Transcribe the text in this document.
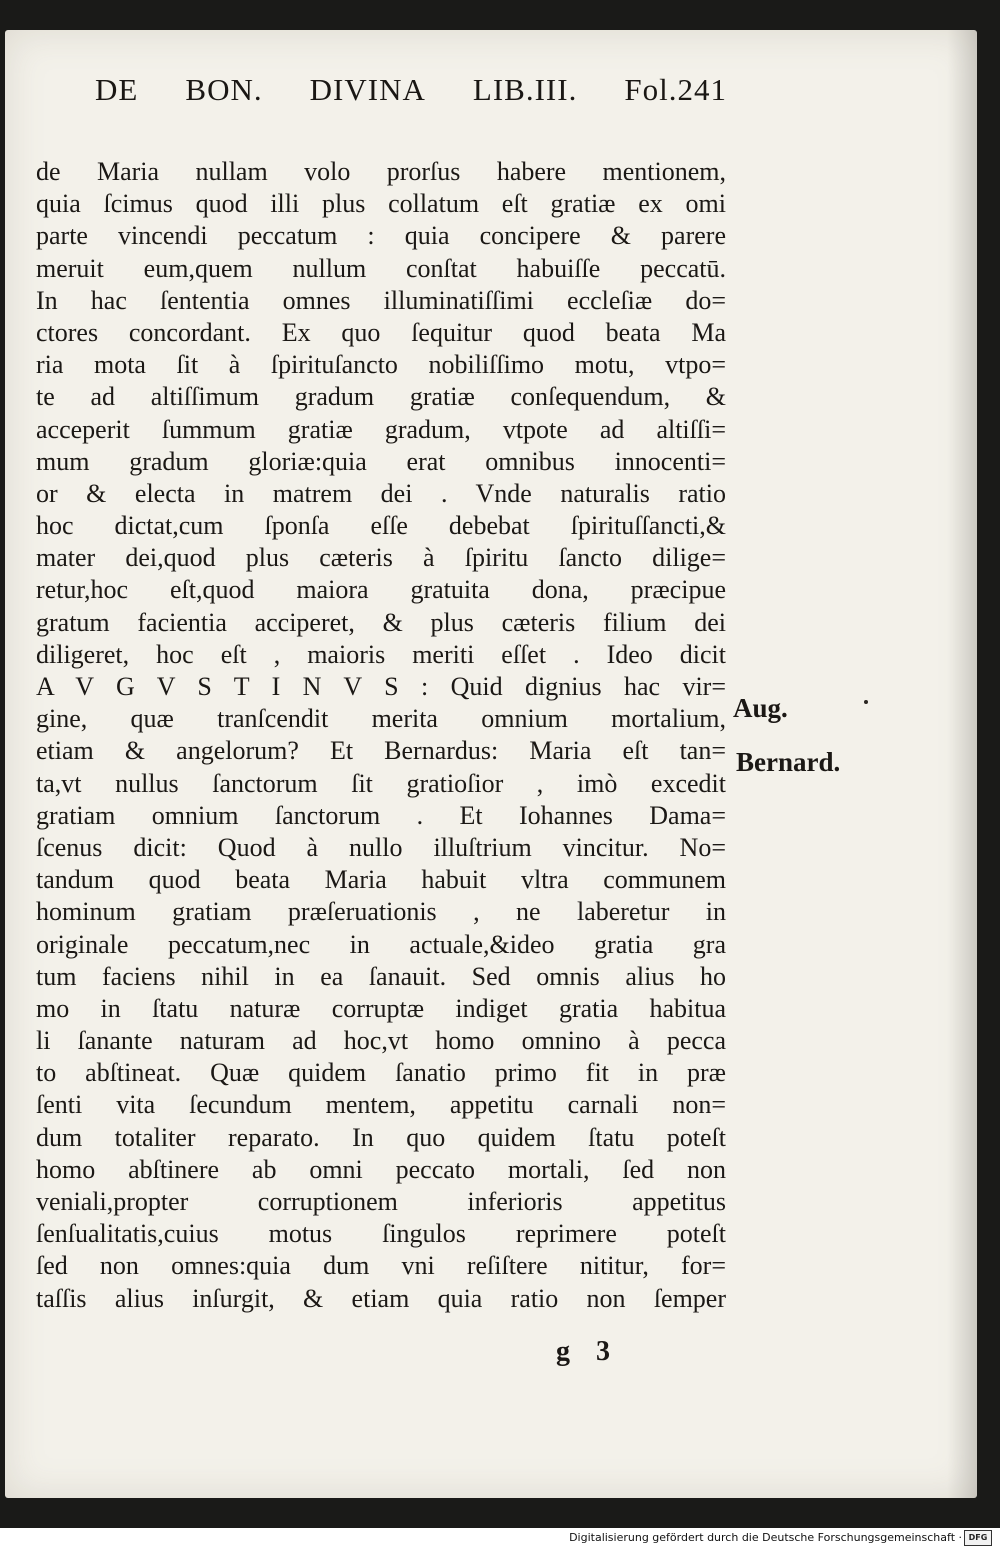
DE BON. DIVINA LIB.III. Fol.241
de Maria nullam volo prorſus habere mentionem,
quia ſcimus quod illi plus collatum eſt gratiæ ex omi
parte vincendi peccatum : quia concipere & parere
meruit eum,quem nullum conſtat habuiſſe peccatū.
In hac ſententia omnes illuminatiſſimi eccleſiæ do=
ctores concordant. Ex quo ſequitur quod beata Ma
ria mota ſit à ſpirituſancto nobiliſſimo motu, vtpo=
te ad altiſſimum gradum gratiæ conſequendum, &
acceperit ſummum gratiæ gradum, vtpote ad altiſſi=
mum gradum gloriæ:quia erat omnibus innocenti=
or & electa in matrem dei . Vnde naturalis ratio
hoc dictat,cum ſponſa eſſe debebat ſpirituſſancti,&
mater dei,quod plus cæteris à ſpiritu ſancto dilige=
retur,hoc eſt,quod maiora gratuita dona, præcipue
gratum facientia acciperet, & plus cæteris filium dei
diligeret, hoc eſt , maioris meriti eſſet . Ideo dicit
A V G V S T I N V S : Quid dignius hac vir=
gine, quæ tranſcendit merita omnium mortalium,
etiam & angelorum? Et Bernardus: Maria eſt tan=
ta,vt nullus ſanctorum ſit gratioſior , imò excedit
gratiam omnium ſanctorum . Et Iohannes Dama=
ſcenus dicit: Quod à nullo illuſtrium vincitur. No=
tandum quod beata Maria habuit vltra communem
hominum gratiam præſeruationis , ne laberetur in
originale peccatum,nec in actuale,&ideo gratia gra
tum faciens nihil in ea ſanauit. Sed omnis alius ho
mo in ſtatu naturæ corruptæ indiget gratia habitua
li ſanante naturam ad hoc,vt homo omnino à pecca
to abſtineat. Quæ quidem ſanatio primo fit in præ
ſenti vita ſecundum mentem, appetitu carnali non=
dum totaliter reparato. In quo quidem ſtatu poteſt
homo abſtinere ab omni peccato mortali, ſed non
veniali,propter corruptionem inferioris appetitus
ſenſualitatis,cuius motus ſingulos reprimere poteſt
ſed non omnes:quia dum vni reſiſtere nititur, for=
taſſis alius inſurgit, & etiam quia ratio non ſemper
Aug.
Bernard.
g 3
Digitalisierung gefördert durch die Deutsche Forschungsgemeinschaft · DFG
